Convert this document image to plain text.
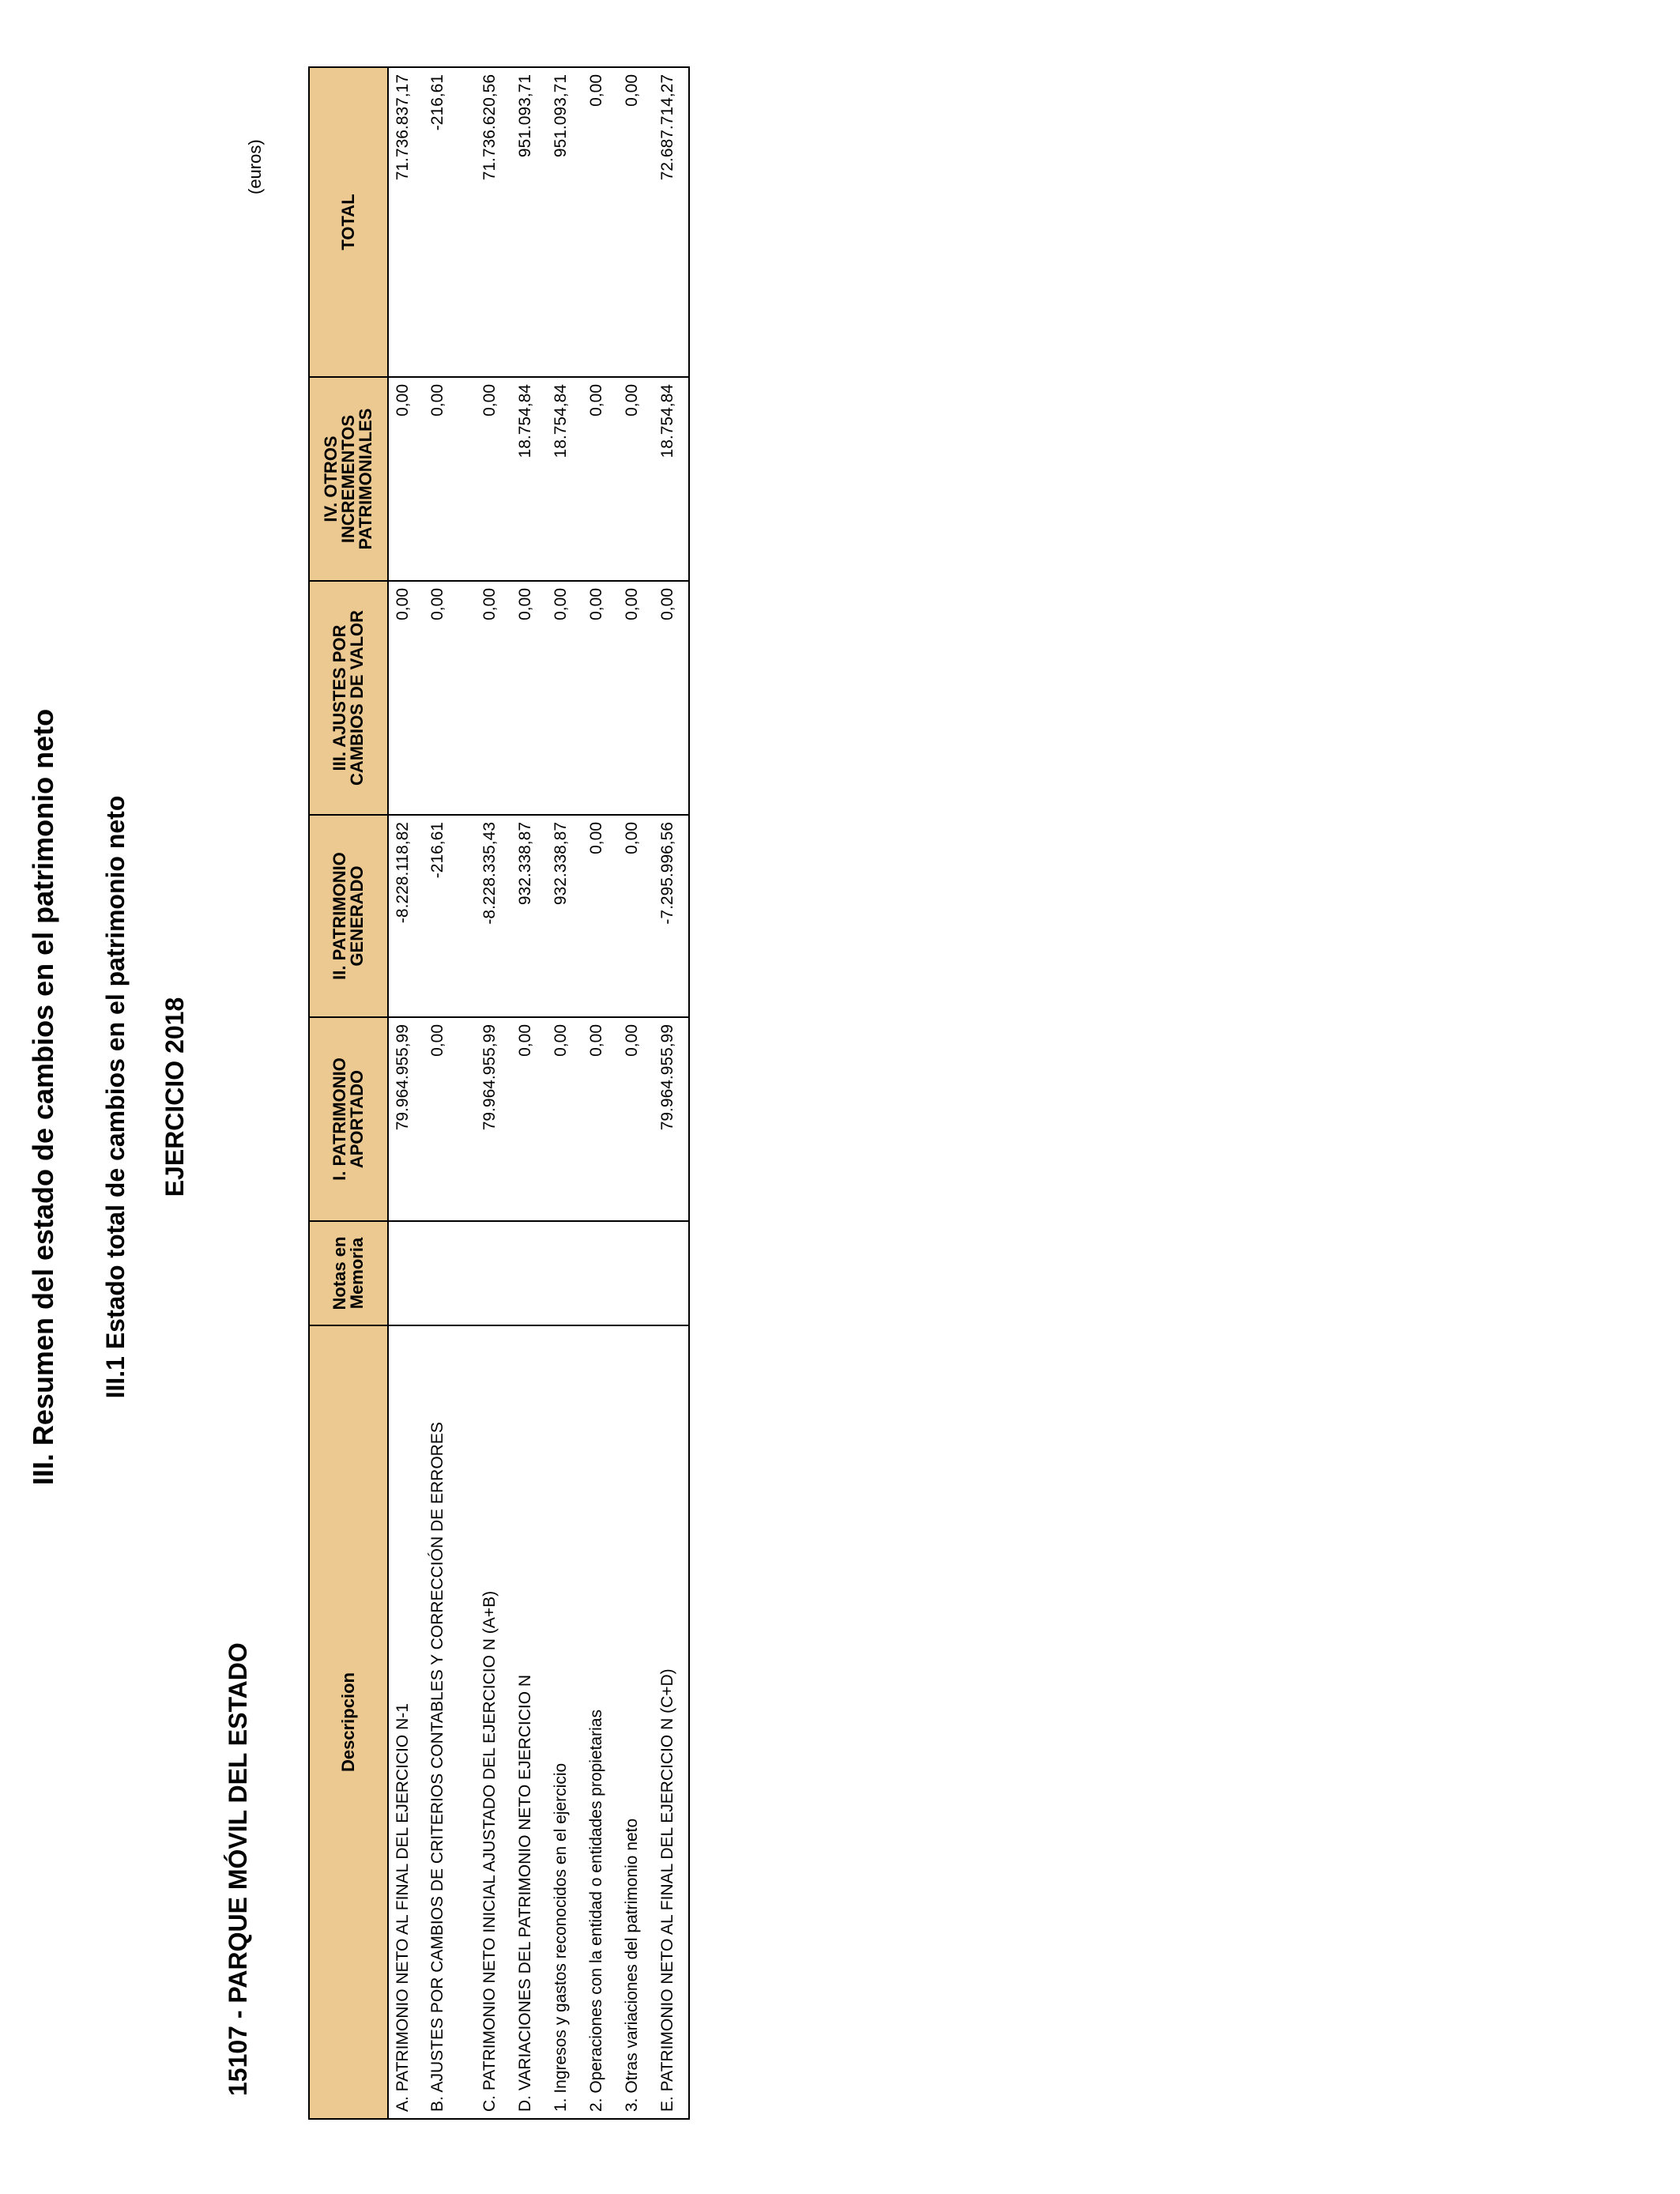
III. Resumen del estado de cambios en el patrimonio neto III.1 Estado total de cambios en el patrimonio neto EJERCICIO 2018
15107 - PARQUE MÓVIL DEL ESTADO
(euros)
Descripcion	Notas en Memoria	I. PATRIMONIO APORTADO	II. PATRIMONIO GENERADO	III. AJUSTES POR CAMBIOS DE VALOR	IV. OTROS INCREMENTOS PATRIMONIALES	TOTAL
A. PATRIMONIO NETO AL FINAL DEL EJERCICIO N-1		79.964.955,99	-8.228.118,82	0,00	0,00	71.736.837,17
B. AJUSTES POR CAMBIOS DE CRITERIOS CONTABLES Y CORRECCIÓN DE ERRORES		0,00	-216,61	0,00	0,00	-216,61
C. PATRIMONIO NETO INICIAL AJUSTADO DEL EJERCICIO N (A+B)		79.964.955,99	-8.228.335,43	0,00	0,00	71.736.620,56
D. VARIACIONES DEL PATRIMONIO NETO EJERCICIO N		0,00	932.338,87	0,00	18.754,84	951.093,71
1. Ingresos y gastos reconocidos en el ejercicio		0,00	932.338,87	0,00	18.754,84	951.093,71
2. Operaciones con la entidad o entidades propietarias		0,00	0,00	0,00	0,00	0,00
3. Otras variaciones del patrimonio neto		0,00	0,00	0,00	0,00	0,00
E. PATRIMONIO NETO AL FINAL DEL EJERCICIO N (C+D)		79.964.955,99	-7.295.996,56	0,00	18.754,84	72.687.714,27
